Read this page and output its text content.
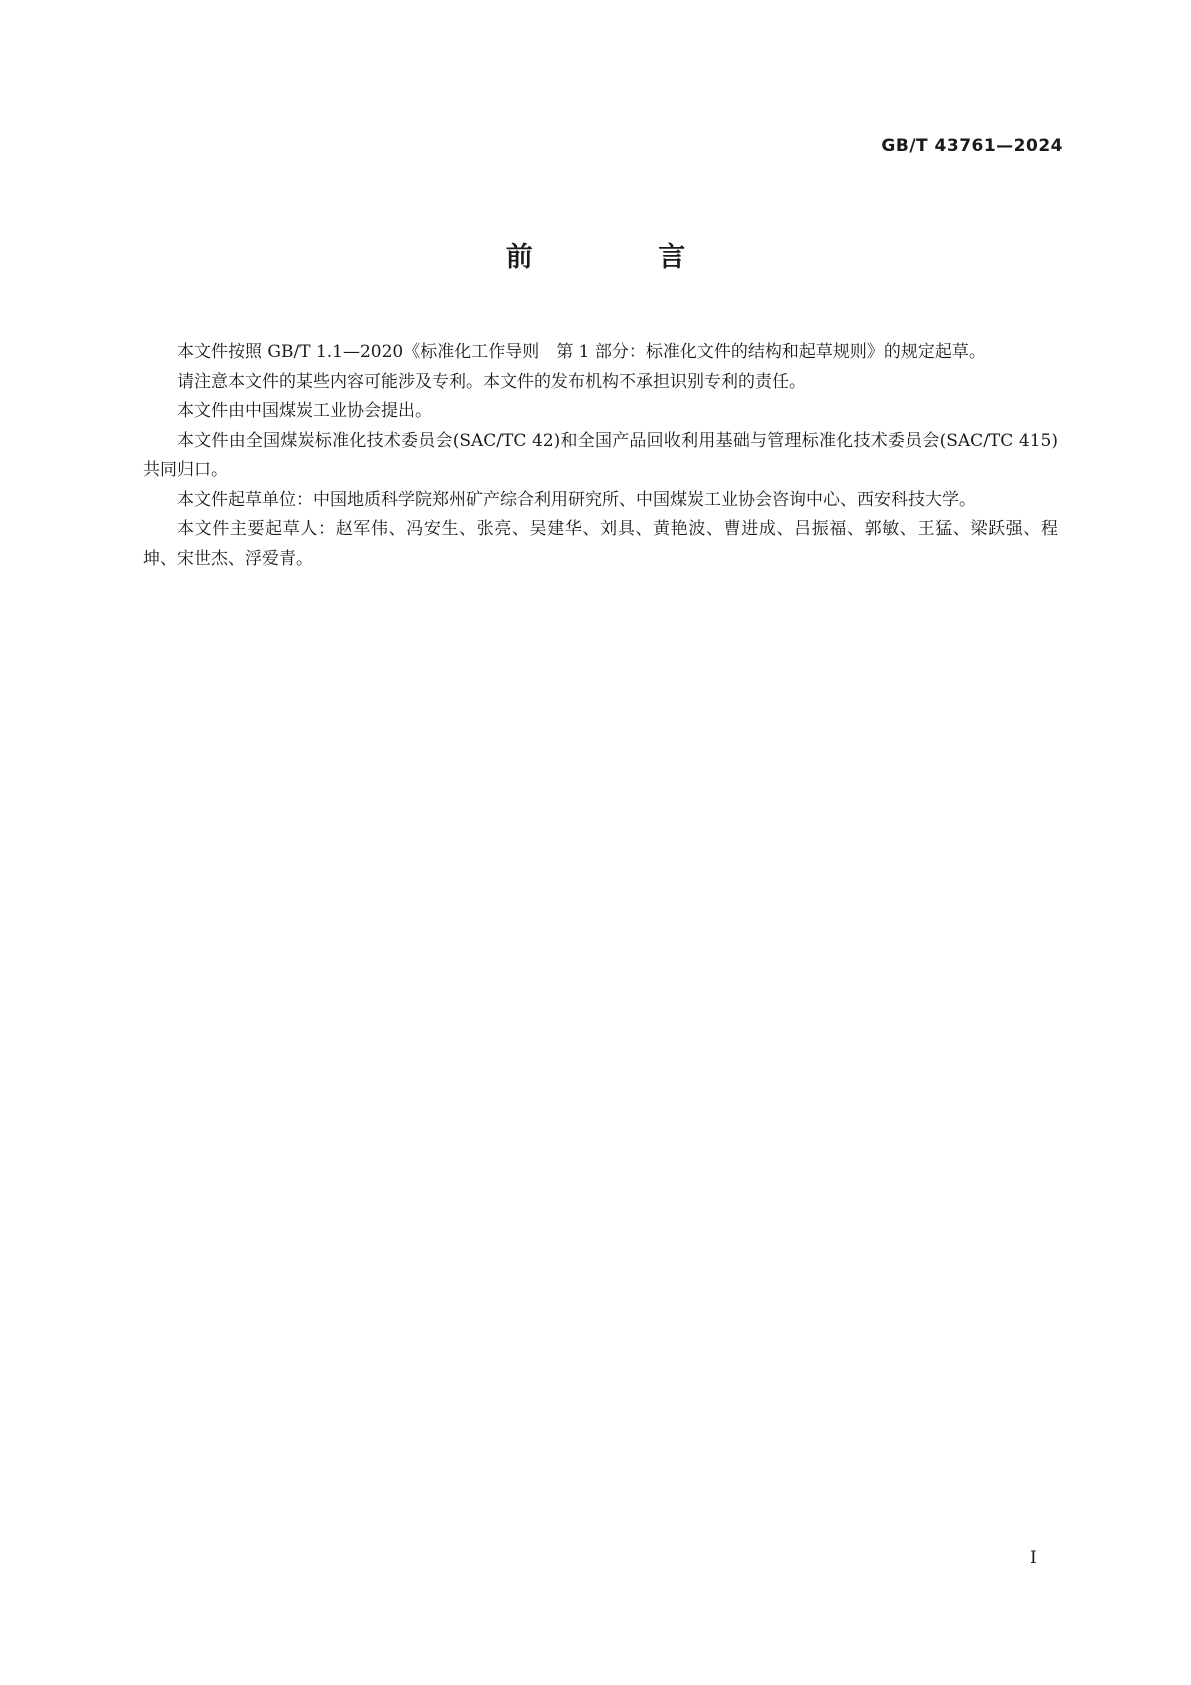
GB/T 43761—2024
前 言

本文件按照 GB/T 1.1—2020《标准化工作导则　第 1 部分：标准化文件的结构和起草规则》的规定起草。

请注意本文件的某些内容可能涉及专利。本文件的发布机构不承担识别专利的责任。

本文件由中国煤炭工业协会提出。

本文件由全国煤炭标准化技术委员会(SAC/TC 42)和全国产品回收利用基础与管理标准化技术委员会(SAC/TC 415)共同归口。

本文件起草单位：中国地质科学院郑州矿产综合利用研究所、中国煤炭工业协会咨询中心、西安科技大学。

本文件主要起草人：赵军伟、冯安生、张亮、吴建华、刘具、黄艳波、曹进成、吕振福、郭敏、王猛、梁跃强、程坤、宋世杰、浮爱青。

Ⅰ
